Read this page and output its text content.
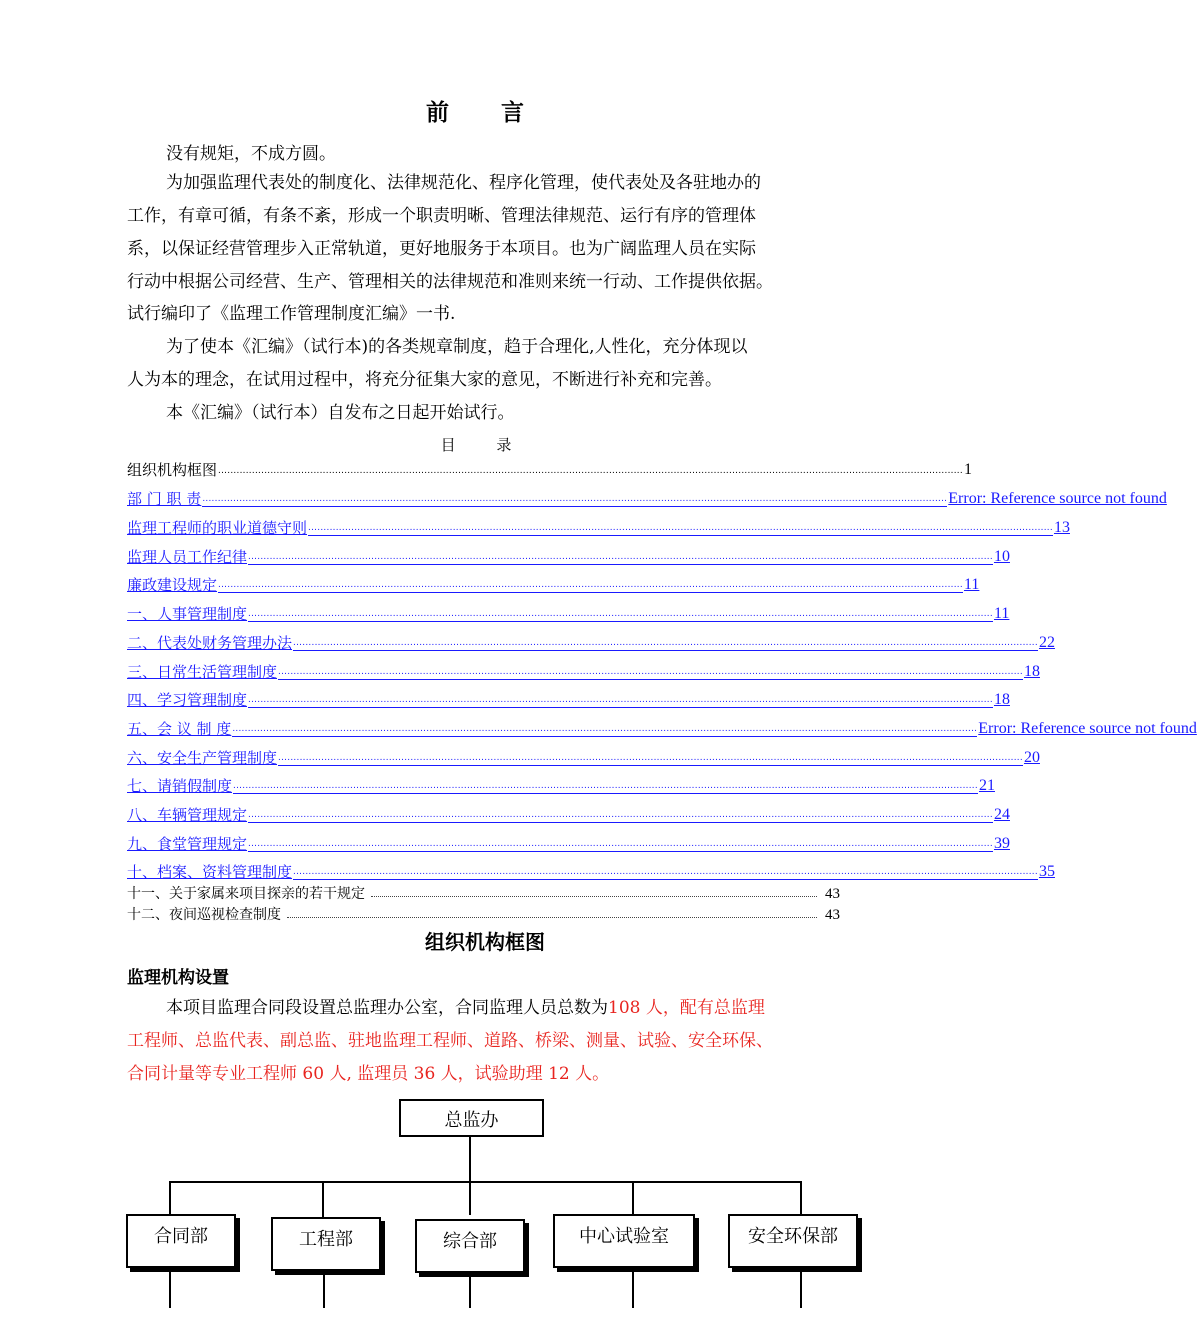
前 言
没有规矩，不成方圆。
为加强监理代表处的制度化、法律规范化、程序化管理，使代表处及各驻地办的
工作，有章可循，有条不紊，形成一个职责明晰、管理法律规范、运行有序的管理体
系，以保证经营管理步入正常轨道，更好地服务于本项目。也为广阔监理人员在实际
行动中根据公司经营、生产、管理相关的法律规范和准则来统一行动、工作提供依据。
试行编印了《监理工作管理制度汇编》一书.
为了使本《汇编》（试行本)的各类规章制度，趋于合理化,人性化，充分体现以
人为本的理念，在试用过程中，将充分征集大家的意见，不断进行补充和完善。
本《汇编》（试行本）自发布之日起开始试行。
目 录
组织机构框图 .................................................................................................................................................................................................................................................. 1
部 门 职 责 .................................................................................................................................................................................................................................................. Error: Reference source not found
监理工程师的职业道德守则 .................................................................................................................................................................................................................................................. 13
监理人员工作纪律 .................................................................................................................................................................................................................................................. 10
廉政建设规定 .................................................................................................................................................................................................................................................. 11
一、人事管理制度 .................................................................................................................................................................................................................................................. 11
二、代表处财务管理办法 .................................................................................................................................................................................................................................................. 22
三、日常生活管理制度 .................................................................................................................................................................................................................................................. 18
四、学习管理制度 .................................................................................................................................................................................................................................................. 18
五、会 议 制 度 .................................................................................................................................................................................................................................................. Error: Reference source not found
六、安全生产管理制度 .................................................................................................................................................................................................................................................. 20
七、请销假制度 .................................................................................................................................................................................................................................................. 21
八、车辆管理规定 .................................................................................................................................................................................................................................................. 24
九、食堂管理规定 .................................................................................................................................................................................................................................................. 39
十、档案、资料管理制度 .................................................................................................................................................................................................................................................. 35
十一、关于家属来项目探亲的若干规定	43
十二、夜间巡视检查制度	43
组织机构框图
监理机构设置
本项目监理合同段设置总监理办公室，合同监理人员总数为108 人，配有总监理
工程师、总监代表、副总监、驻地监理工程师、道路、桥梁、测量、试验、安全环保、
合同计量等专业工程师 60 人, 监理员 36 人，试验助理 12 人。
总监办
合同部	工程部	综合部	中心试验室	安全环保部
